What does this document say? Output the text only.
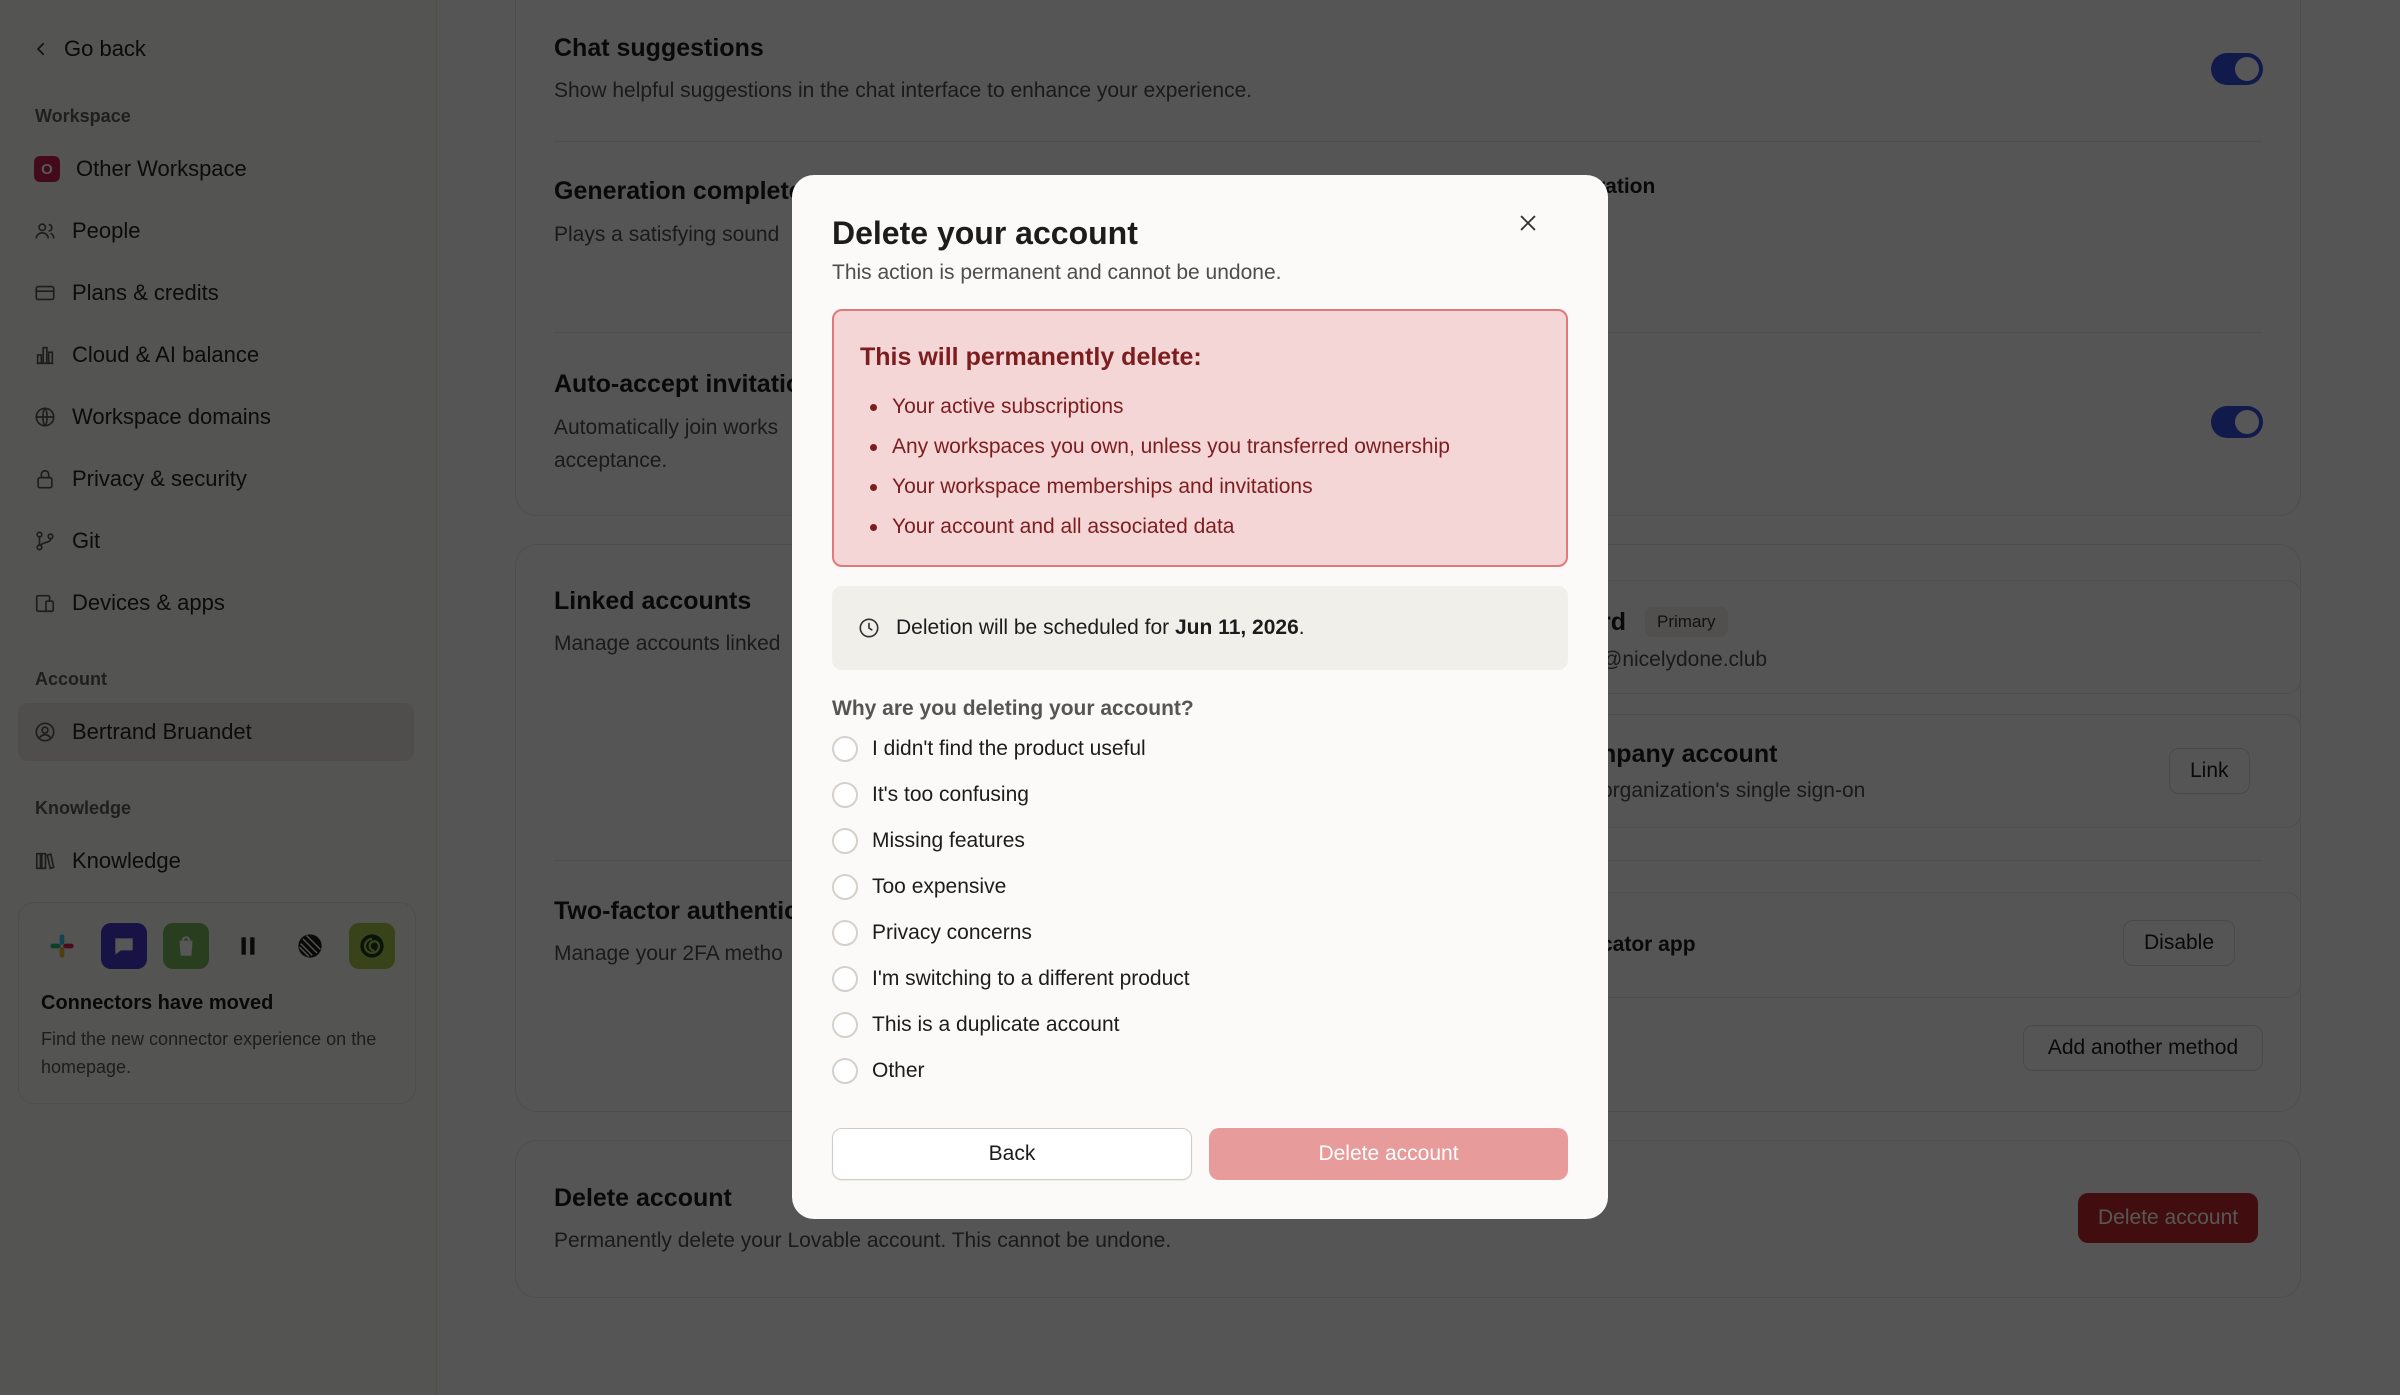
Delete your account
This action is permanent and cannot be undone.
This will permanently delete:
Your active subscriptions
Any workspaces you own, unless you transferred ownership
Your workspace memberships and invitations
Your account and all associated data
Deletion will be scheduled for Jun 11, 2026.
Why are you deleting your account?
I didn't find the product useful
It's too confusing
Missing features
Too expensive
Privacy concerns
I'm switching to a different product
This is a duplicate account
Other
Back	Delete account
